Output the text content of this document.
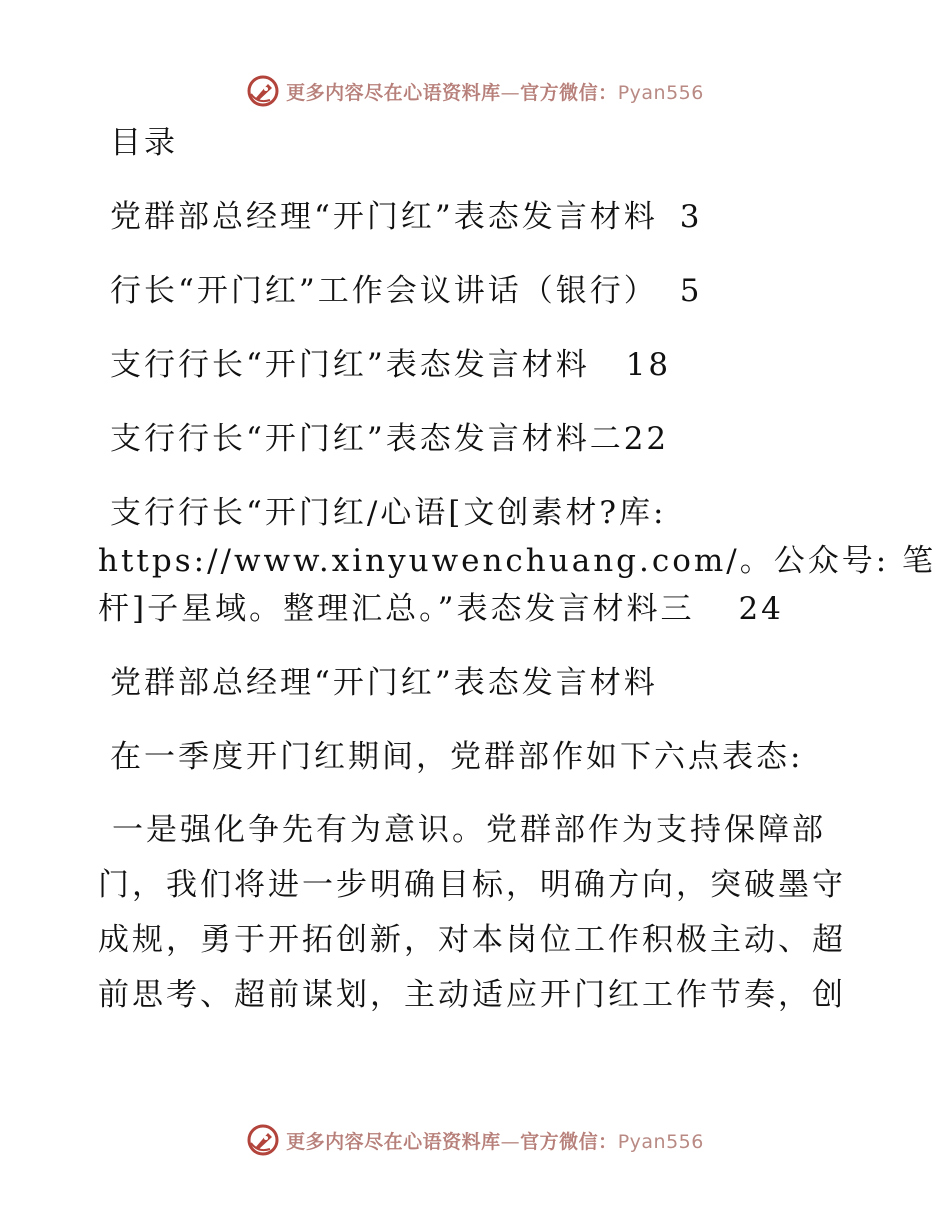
更多内容尽在心语资料库—官方微信：Pyan556

目录

党群部总经理“开门红”表态发言材料 3

行长“开门红”工作会议讲话（银行） 5

支行行长“开门红”表态发言材料 18

支行行长“开门红”表态发言材料二22

支行行长“开门红/心语[文创素材?库:

https://www.xinyuwenchuang.com/。公众号: 笔

杆]子星域。整理汇总。”表态发言材料三 24

党群部总经理“开门红”表态发言材料

在一季度开门红期间，党群部作如下六点表态:

一是强化争先有为意识。党群部作为支持保障部

门，我们将进一步明确目标，明确方向，突破墨守

成规，勇于开拓创新，对本岗位工作积极主动、超

前思考、超前谋划，主动适应开门红工作节奏，创

更多内容尽在心语资料库—官方微信：Pyan556
